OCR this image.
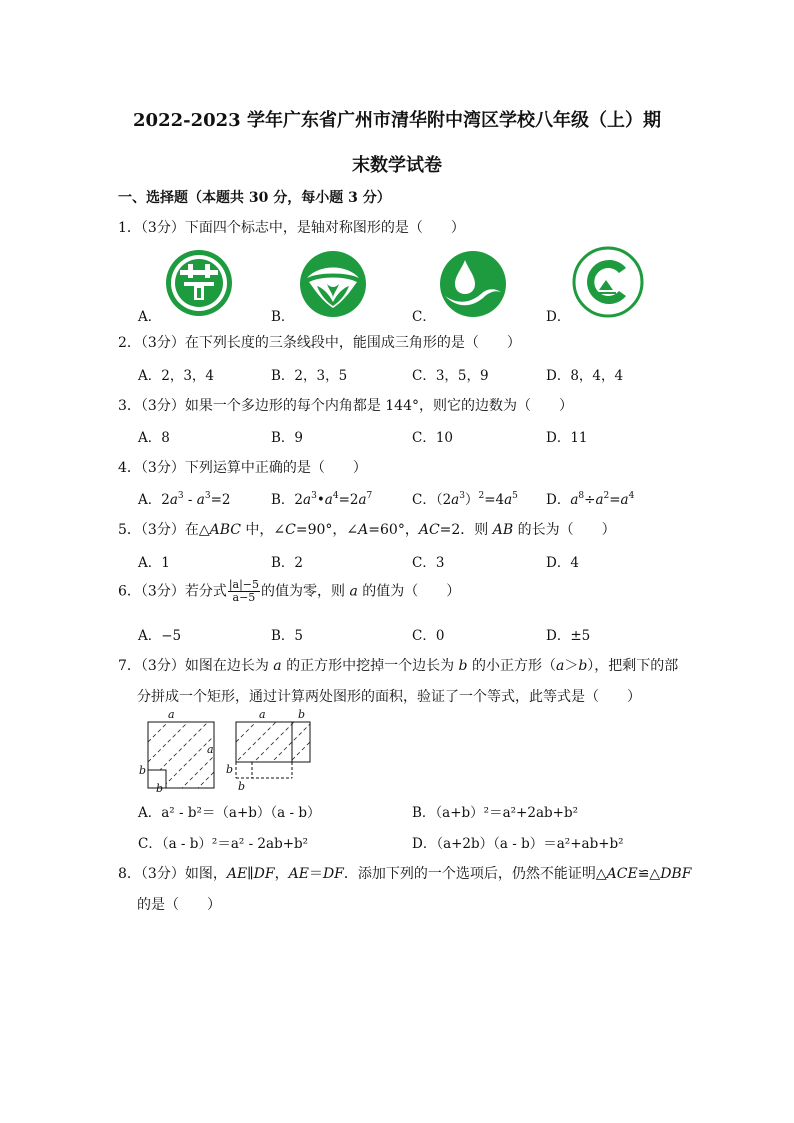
2022-2023 学年广东省广州市清华附中湾区学校八年级（上）期
末数学试卷
一、选择题（本题共 30 分，每小题 3 分）
1．（3分）下面四个标志中，是轴对称图形的是（　　）
A．	B．	C．	D．
2．（3分）在下列长度的三条线段中，能围成三角形的是（　　）
A．2，3，4	B．2，3，5	C．3，5，9	D．8，4，4
3．（3分）如果一个多边形的每个内角都是 144°，则它的边数为（　　）
A．8	B．9	C．10	D．11
4．（3分）下列运算中正确的是（　　）
A．$2a^3 - a^3=2$	B．$2a^3•a^4=2a^7$	C．$(2a^3)^2=4a^5$ D．$a^8\div a^2=a^4$
5．（3分）在△ABC 中，∠C=90°，∠A=60°，AC=2．则 AB 的长为（　　）
A．1	B．2	C．3	D．4
6．（3分）若分式 $\frac{|a|-5}{a-5}$ 的值为零，则 a 的值为（　　）
A．−5	B．5	C．0	D．±5
7．（3分）如图在边长为 a 的正方形中挖掉一个边长为 b 的小正方形（a＞b），把剩下的部
分拼成一个矩形，通过计算两处图形的面积，验证了一个等式，此等式是（　　）
a
a
b
b
a	b
b
b
A．a² - b²＝（a+b）（a - b）	B．（a+b）²＝a²+2ab+b²
C．（a - b）²＝a² - 2ab+b²	D．（a+2b）（a - b）＝a²+ab+b²
8．（3分）如图，AE∥DF，AE＝DF．添加下列的一个选项后，仍然不能证明△ACE≌△DBF
的是（　　）
